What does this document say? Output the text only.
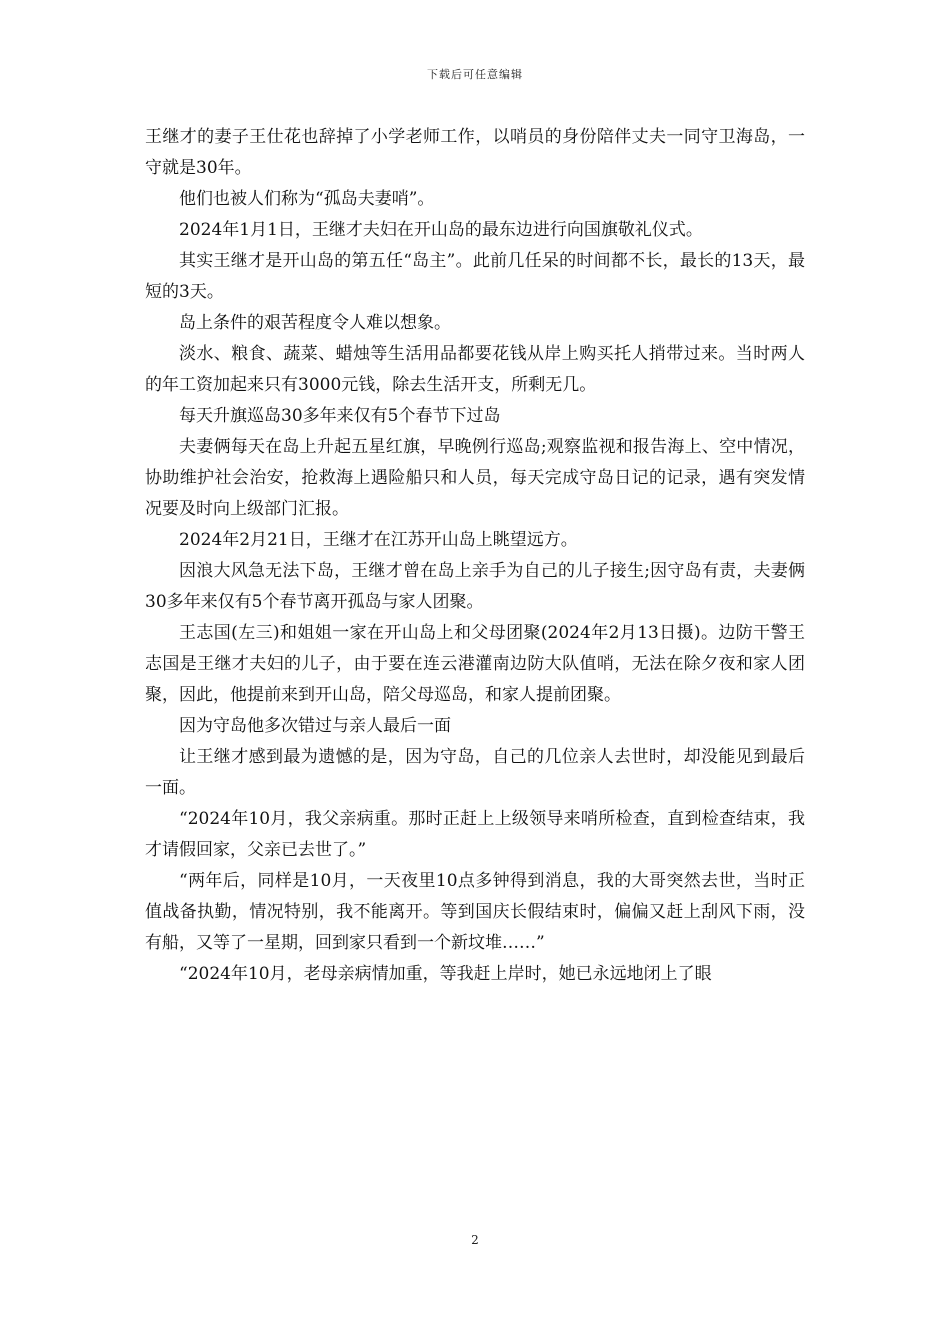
下载后可任意编辑

王继才的妻子王仕花也辞掉了小学老师工作，以哨员的身份陪伴丈夫一同守卫海岛，一守就是30年。

他们也被人们称为“孤岛夫妻哨”。

2024年1月1日，王继才夫妇在开山岛的最东边进行向国旗敬礼仪式。

其实王继才是开山岛的第五任“岛主”。此前几任呆的时间都不长，最长的13天，最短的3天。

岛上条件的艰苦程度令人难以想象。

淡水、粮食、蔬菜、蜡烛等生活用品都要花钱从岸上购买托人捎带过来。当时两人的年工资加起来只有3000元钱，除去生活开支，所剩无几。

每天升旗巡岛30多年来仅有5个春节下过岛

夫妻俩每天在岛上升起五星红旗，早晚例行巡岛;观察监视和报告海上、空中情况，协助维护社会治安，抢救海上遇险船只和人员，每天完成守岛日记的记录，遇有突发情况要及时向上级部门汇报。

2024年2月21日，王继才在江苏开山岛上眺望远方。

因浪大风急无法下岛，王继才曾在岛上亲手为自己的儿子接生;因守岛有责，夫妻俩30多年来仅有5个春节离开孤岛与家人团聚。

王志国(左三)和姐姐一家在开山岛上和父母团聚(2024年2月13日摄)。边防干警王志国是王继才夫妇的儿子，由于要在连云港灌南边防大队值哨，无法在除夕夜和家人团聚，因此，他提前来到开山岛，陪父母巡岛，和家人提前团聚。

因为守岛他多次错过与亲人最后一面

让王继才感到最为遗憾的是，因为守岛，自己的几位亲人去世时，却没能见到最后一面。

“2024年10月，我父亲病重。那时正赶上上级领导来哨所检查，直到检查结束，我才请假回家，父亲已去世了。”

“两年后，同样是10月，一天夜里10点多钟得到消息，我的大哥突然去世，当时正值战备执勤，情况特别，我不能离开。等到国庆长假结束时，偏偏又赶上刮风下雨，没有船，又等了一星期，回到家只看到一个新坟堆……”

“2024年10月，老母亲病情加重，等我赶上岸时，她已永远地闭上了眼

2
